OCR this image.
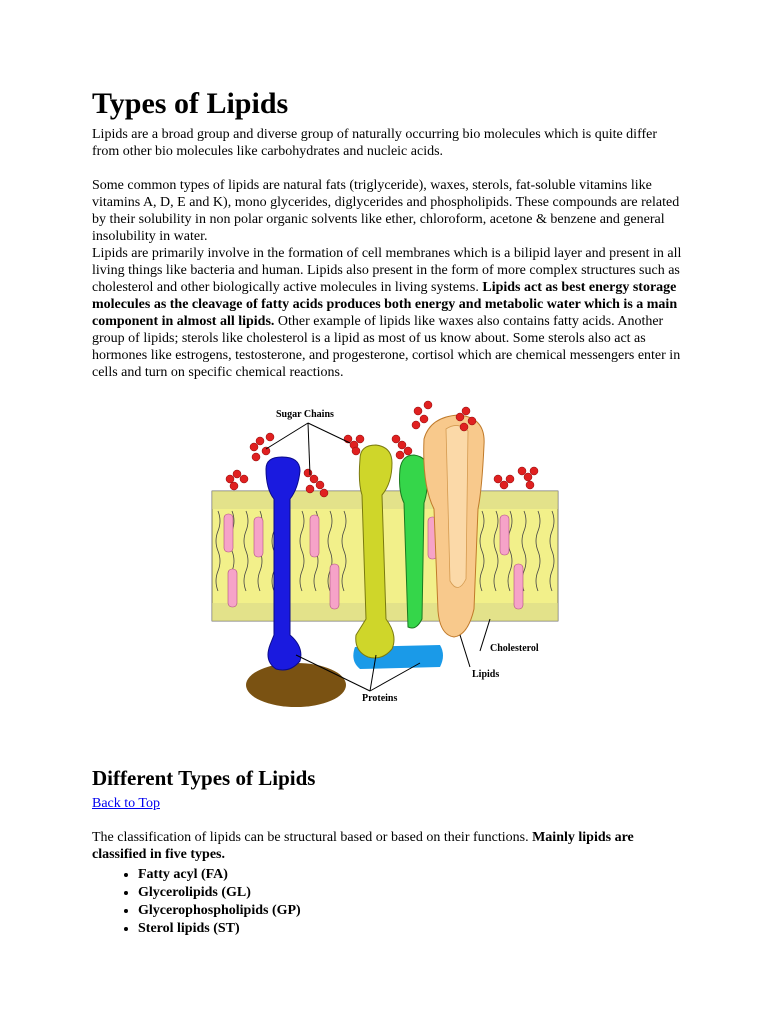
Types of Lipids

Lipids are a broad group and diverse group of naturally occurring bio molecules which is quite differ from other bio molecules like carbohydrates and nucleic acids.

Some common types of lipids are natural fats (triglyceride), waxes, sterols, fat-soluble vitamins like vitamins A, D, E and K), mono glycerides, diglycerides and phospholipids. These compounds are related by their solubility in non polar organic solvents like ether, chloroform, acetone & benzene and general insolubility in water.

Lipids are primarily involve in the formation of cell membranes which is a bilipid layer and present in all living things like bacteria and human. Lipids also present in the form of more complex structures such as cholesterol and other biologically active molecules in living systems. Lipids act as best energy storage molecules as the cleavage of fatty acids produces both energy and metabolic water which is a main component in almost all lipids. Other example of lipids like waxes also contains fatty acids. Another group of lipids; sterols like cholesterol is a lipid as most of us know about. Some sterols also act as hormones like estrogens, testosterone, and progesterone, cortisol which are chemical messengers enter in cells and turn on specific chemical reactions.

Sugar Chains
Cholesterol
Lipids
Proteins
Different Types of Lipids
Back to Top

The classification of lipids can be structural based or based on their functions. Mainly lipids are classified in five types.

• Fatty acyl (FA)
• Glycerolipids (GL)
• Glycerophospholipids (GP)
• Sterol lipids (ST)
